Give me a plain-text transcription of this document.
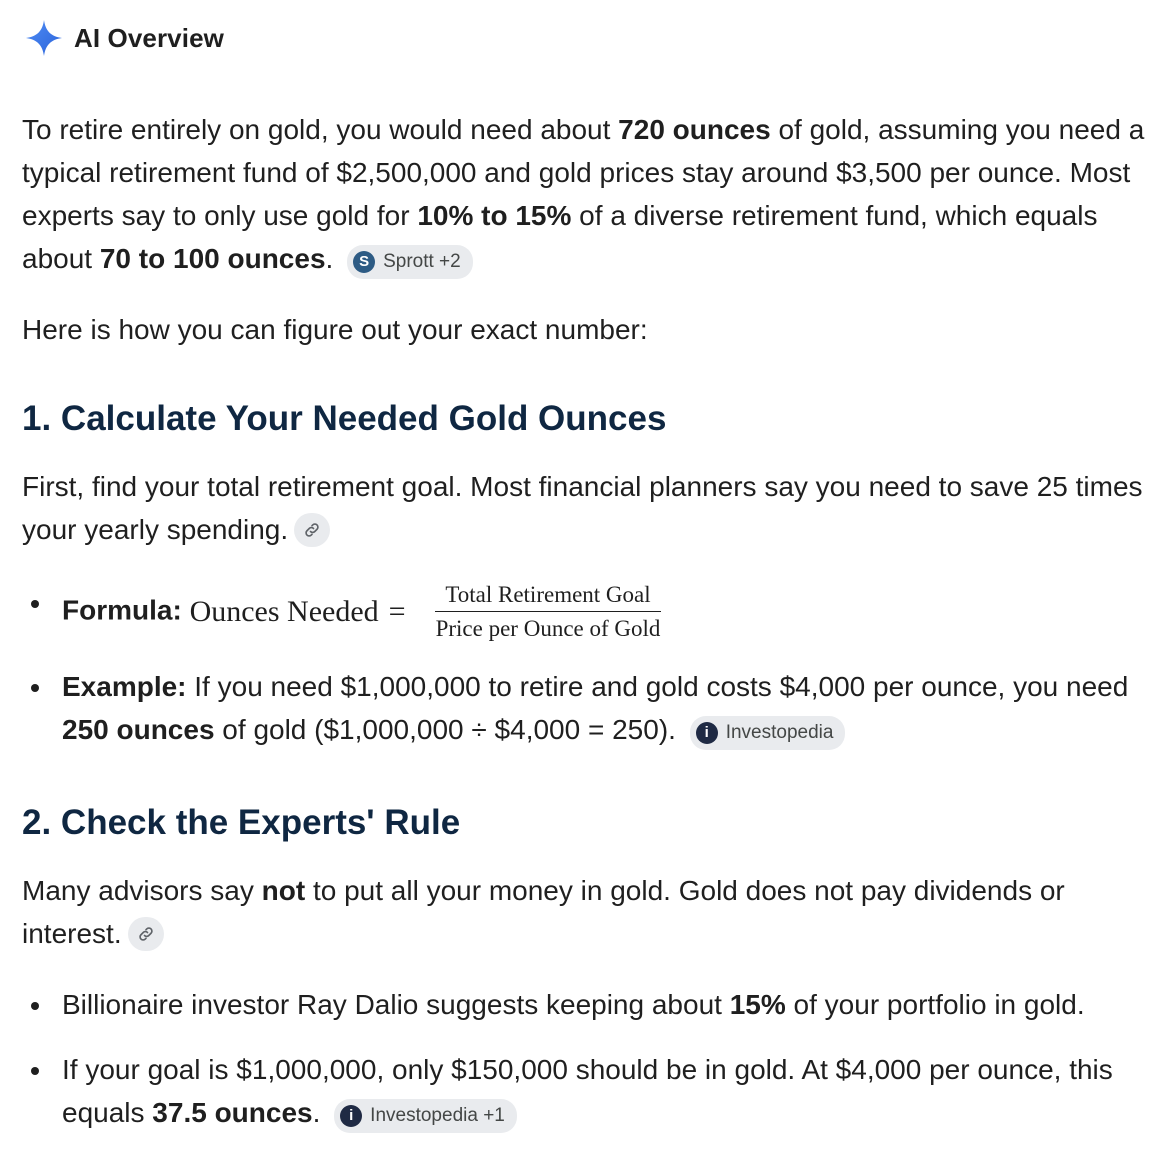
AI Overview

To retire entirely on gold, you would need about 720 ounces of gold, assuming you need a typical retirement fund of $2,500,000 and gold prices stay around $3,500 per ounce. Most experts say to only use gold for 10% to 15% of a diverse retirement fund, which equals about 70 to 100 ounces.	S Sprott +2

Here is how you can figure out your exact number:

1. Calculate Your Needed Gold Ounces

First, find your total retirement goal. Most financial planners say you need to save 25 times your yearly spending.

Formula: Ounces Needed = $\frac{\text{Total Retirement Goal}}{\text{Price per Ounce of Gold}}$
Example: If you need $1,000,000 to retire and gold costs $4,000 per ounce, you need 250 ounces of gold ($1,000,000 ÷ $4,000 = 250).	i Investopedia
2. Check the Experts' Rule

Many advisors say not to put all your money in gold. Gold does not pay dividends or interest.

Billionaire investor Ray Dalio suggests keeping about 15% of your portfolio in gold.
If your goal is $1,000,000, only $150,000 should be in gold. At $4,000 per ounce, this equals 37.5 ounces.	i Investopedia +1
